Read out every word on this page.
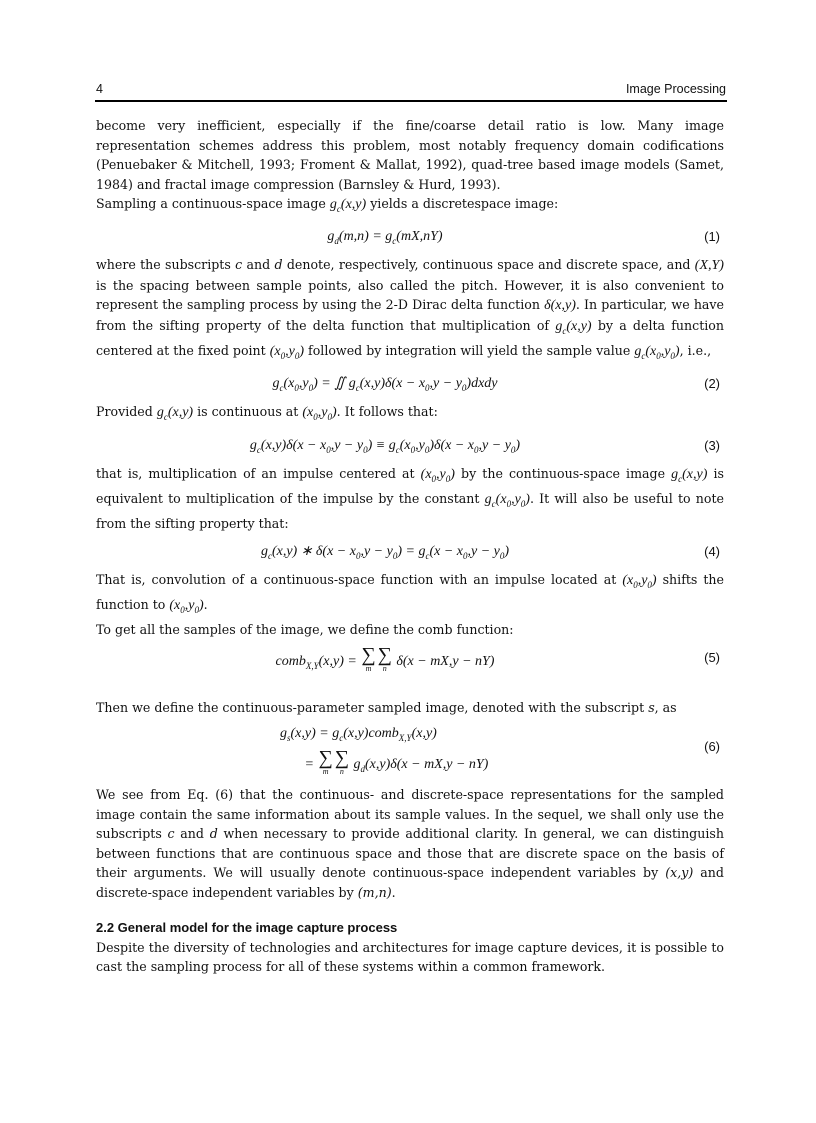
4	Image Processing

become very inefficient, especially if the fine/coarse detail ratio is low. Many image representation schemes address this problem, most notably frequency domain codifications (Penuebaker & Mitchell, 1993; Froment & Mallat, 1992), quad-tree based image models (Samet, 1984) and fractal image compression (Barnsley & Hurd, 1993).

Sampling a continuous-space image $g_c(x,y)$ yields a discretespace image:

$g_d(m,n) = g_c(mX,nY)$	(1)

where the subscripts c and d denote, respectively, continuous space and discrete space, and (X,Y) is the spacing between sample points, also called the pitch. However, it is also convenient to represent the sampling process by using the 2-D Dirac delta function δ(x,y). In particular, we have from the sifting property of the delta function that multiplication of $g_c(x,y)$ by a delta function centered at the fixed point $(x_0,y_0)$ followed by integration will yield the sample value $g_c(x_0,y_0)$, i.e.,

$g_c(x_0,y_0)$ = ∬ $g_c(x,y)\delta(x - x_0,y$ − $y_0)dxdy$	(2)

Provided $g_c(x,y)$ is continuous at $(x_0,y_0)$. It follows that:

$g_c(x,y)\delta(x - x_0,y - y_0) \equiv g_c(x_0,y_0)\delta(x - x_0,y - y_0)$	(3)

that is, multiplication of an impulse centered at $(x_0,y_0)$ by the continuous-space image $g_c(x,y)$ is equivalent to multiplication of the impulse by the constant $g_c(x_0,y_0)$. It will also be useful to note from the sifting property that:

$g_c(x,y)$ ∗ $\delta(x - x_0,y - y_0) = g_c(x - x_0,y - y_0)$	(4)

That is, convolution of a continuous-space function with an impulse located at $(x_0,y_0)$ shifts the function to $(x_0,y_0)$.

To get all the samples of the image, we define the comb function:

comb$_{X,Y}$(x,y) = ∑
m
∑
n δ(x − mX,y − nY)	(5)

Then we define the continuous-parameter sampled image, denoted with the subscript s, as

$g_s(x,y)$ = $g_c(x,y)comb_{X,Y}(x,y)$
= ∑
m
∑
n $g_d(x,y)\delta(x - mX,y - nY)$
(6)

We see from Eq. (6) that the continuous- and discrete-space representations for the sampled image contain the same information about its sample values. In the sequel, we shall only use the subscripts c and d when necessary to provide additional clarity. In general, we can distinguish between functions that are continuous space and those that are discrete space on the basis of their arguments. We will usually denote continuous-space independent variables by (x,y) and discrete-space independent variables by (m,n).

2.2 General model for the image capture process

Despite the diversity of technologies and architectures for image capture devices, it is possible to cast the sampling process for all of these systems within a common framework.
